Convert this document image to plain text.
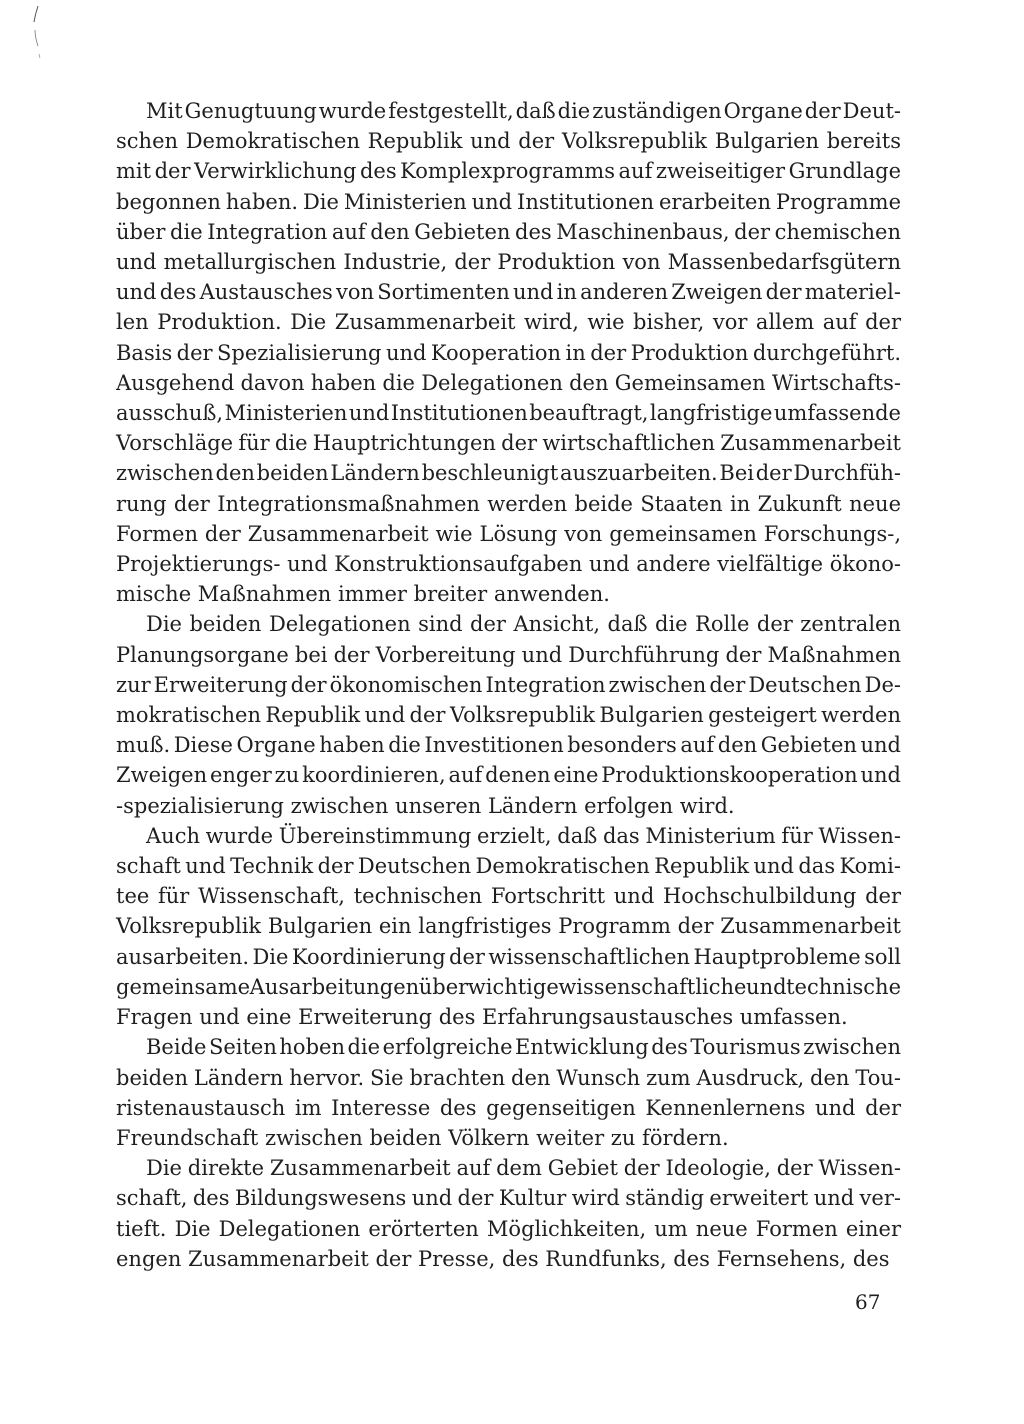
Mit Genugtuung wurde festgestellt, daß die zuständigen Organe der Deut-
schen Demokratischen Republik und der Volksrepublik Bulgarien bereits
mit der Verwirklichung des Komplexprogramms auf zweiseitiger Grundlage
begonnen haben. Die Ministerien und Institutionen erarbeiten Programme
über die Integration auf den Gebieten des Maschinenbaus, der chemischen
und metallurgischen Industrie, der Produktion von Massenbedarfsgütern
und des Austausches von Sortimenten und in anderen Zweigen der materiel-
len Produktion. Die Zusammenarbeit wird, wie bisher, vor allem auf der
Basis der Spezialisierung und Kooperation in der Produktion durchgeführt.
Ausgehend davon haben die Delegationen den Gemeinsamen Wirtschafts-
ausschuß, Ministerien und Institutionen beauftragt, langfristige umfassende
Vorschläge für die Hauptrichtungen der wirtschaftlichen Zusammenarbeit
zwischen den beiden Ländern beschleunigt auszuarbeiten. Bei der Durchfüh-
rung der Integrationsmaßnahmen werden beide Staaten in Zukunft neue
Formen der Zusammenarbeit wie Lösung von gemeinsamen Forschungs-,
Projektierungs- und Konstruktionsaufgaben und andere vielfältige ökono-
mische Maßnahmen immer breiter anwenden.
Die beiden Delegationen sind der Ansicht, daß die Rolle der zentralen
Planungsorgane bei der Vorbereitung und Durchführung der Maßnahmen
zur Erweiterung der ökonomischen Integration zwischen der Deutschen De-
mokratischen Republik und der Volksrepublik Bulgarien gesteigert werden
muß. Diese Organe haben die Investitionen besonders auf den Gebieten und
Zweigen enger zu koordinieren, auf denen eine Produktionskooperation und
-spezialisierung zwischen unseren Ländern erfolgen wird.
Auch wurde Übereinstimmung erzielt, daß das Ministerium für Wissen-
schaft und Technik der Deutschen Demokratischen Republik und das Komi-
tee für Wissenschaft, technischen Fortschritt und Hochschulbildung der
Volksrepublik Bulgarien ein langfristiges Programm der Zusammenarbeit
ausarbeiten. Die Koordinierung der wissenschaftlichen Hauptprobleme soll
gemeinsame Ausarbeitungen über wichtige wissenschaftliche und technische
Fragen und eine Erweiterung des Erfahrungsaustausches umfassen.
Beide Seiten hoben die erfolgreiche Entwicklung des Tourismus zwischen
beiden Ländern hervor. Sie brachten den Wunsch zum Ausdruck, den Tou-
ristenaustausch im Interesse des gegenseitigen Kennenlernens und der
Freundschaft zwischen beiden Völkern weiter zu fördern.
Die direkte Zusammenarbeit auf dem Gebiet der Ideologie, der Wissen-
schaft, des Bildungswesens und der Kultur wird ständig erweitert und ver-
tieft. Die Delegationen erörterten Möglichkeiten, um neue Formen einer
engen Zusammenarbeit der Presse, des Rundfunks, des Fernsehens, des
67
